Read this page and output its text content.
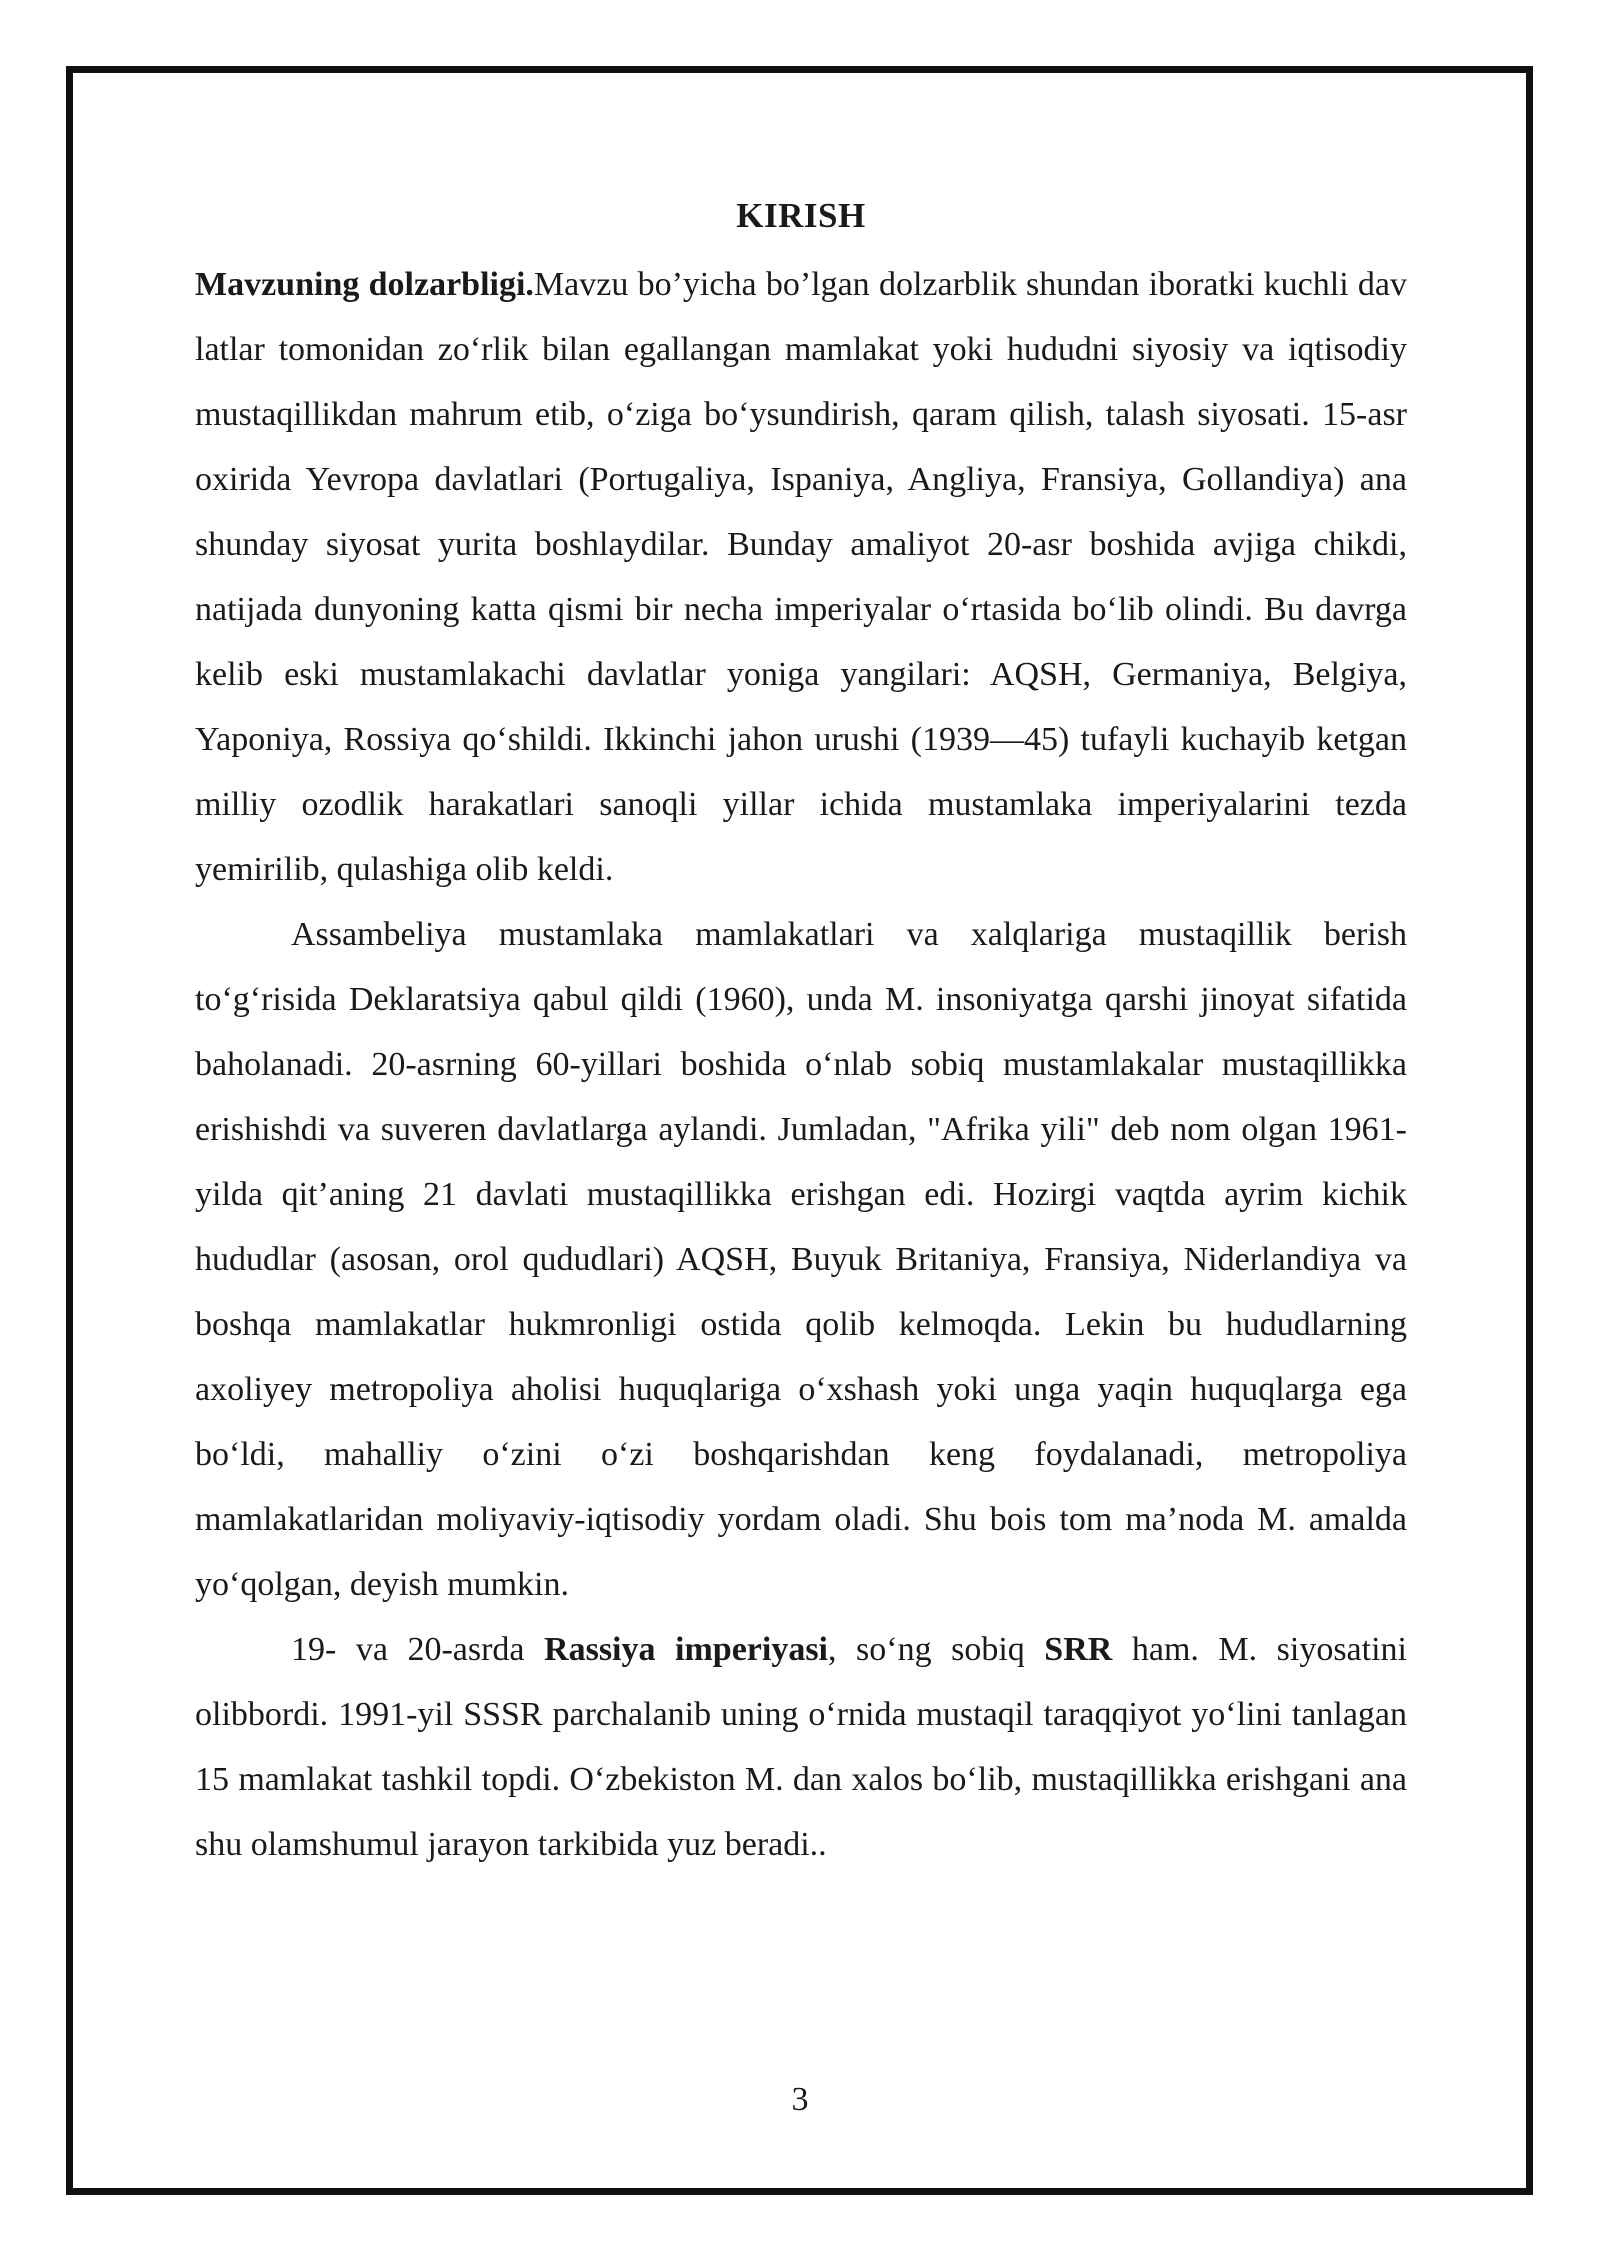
KIRISH

Mavzuning dolzarbligi.Mavzu bo’yicha bo’lgan dolzarblik shundan iboratki kuchli dav latlar tomonidan zoʻrlik bilan egallangan mamlakat yoki hududni siyosiy va iqtisodiy mustaqillikdan mahrum etib, oʻziga boʻysundirish, qaram qilish, talash siyosati. 15-asr oxirida Yevropa davlatlari (Portugaliya, Ispaniya, Angliya, Fransiya, Gollandiya) ana shunday siyosat yurita boshlaydilar. Bunday amaliyot 20-asr boshida avjiga chikdi, natijada dunyoning katta qismi bir necha imperiyalar oʻrtasida boʻlib olindi. Bu davrga kelib eski mustamlakachi davlatlar yoniga yangilari: AQSH, Germaniya, Belgiya, Yaponiya, Rossiya qoʻshildi. Ikkinchi jahon urushi (1939—45) tufayli kuchayib ketgan milliy ozodlik harakatlari sanoqli yillar ichida mustamlaka imperiyalarini tezda yemirilib, qulashiga olib keldi.

Assambeliya mustamlaka mamlakatlari va xalqlariga mustaqillik berish toʻgʻrisida Deklaratsiya qabul qildi (1960), unda M. insoniyatga qarshi jinoyat sifatida baholanadi. 20-asrning 60-yillari boshida oʻnlab sobiq mustamlakalar mustaqillikka erishishdi va suveren davlatlarga aylandi. Jumladan, "Afrika yili" deb nom olgan 1961-yilda qit’aning 21 davlati mustaqillikka erishgan edi. Hozirgi vaqtda ayrim kichik hududlar (asosan, orol qududlari) AQSH, Buyuk Britaniya, Fransiya, Niderlandiya va boshqa mamlakatlar hukmronligi ostida qolib kelmoqda. Lekin bu hududlarning axoliyey metropoliya aholisi huquqlariga oʻxshash yoki unga yaqin huquqlarga ega boʻldi, mahalliy oʻzini oʻzi boshqarishdan keng foydalanadi, metropoliya mamlakatlaridan moliyaviy-iqtisodiy yordam oladi. Shu bois tom ma’noda M. amalda yoʻqolgan, deyish mumkin.

19- va 20-asrda Rassiya imperiyasi, soʻng sobiq SRR ham. M. siyosatini olibbordi. 1991-yil SSSR parchalanib uning oʻrnida mustaqil taraqqiyot yoʻlini tanlagan 15 mamlakat tashkil topdi. Oʻzbekiston M. dan xalos boʻlib, mustaqillikka erishgani ana shu olamshumul jarayon tarkibida yuz beradi..

3
